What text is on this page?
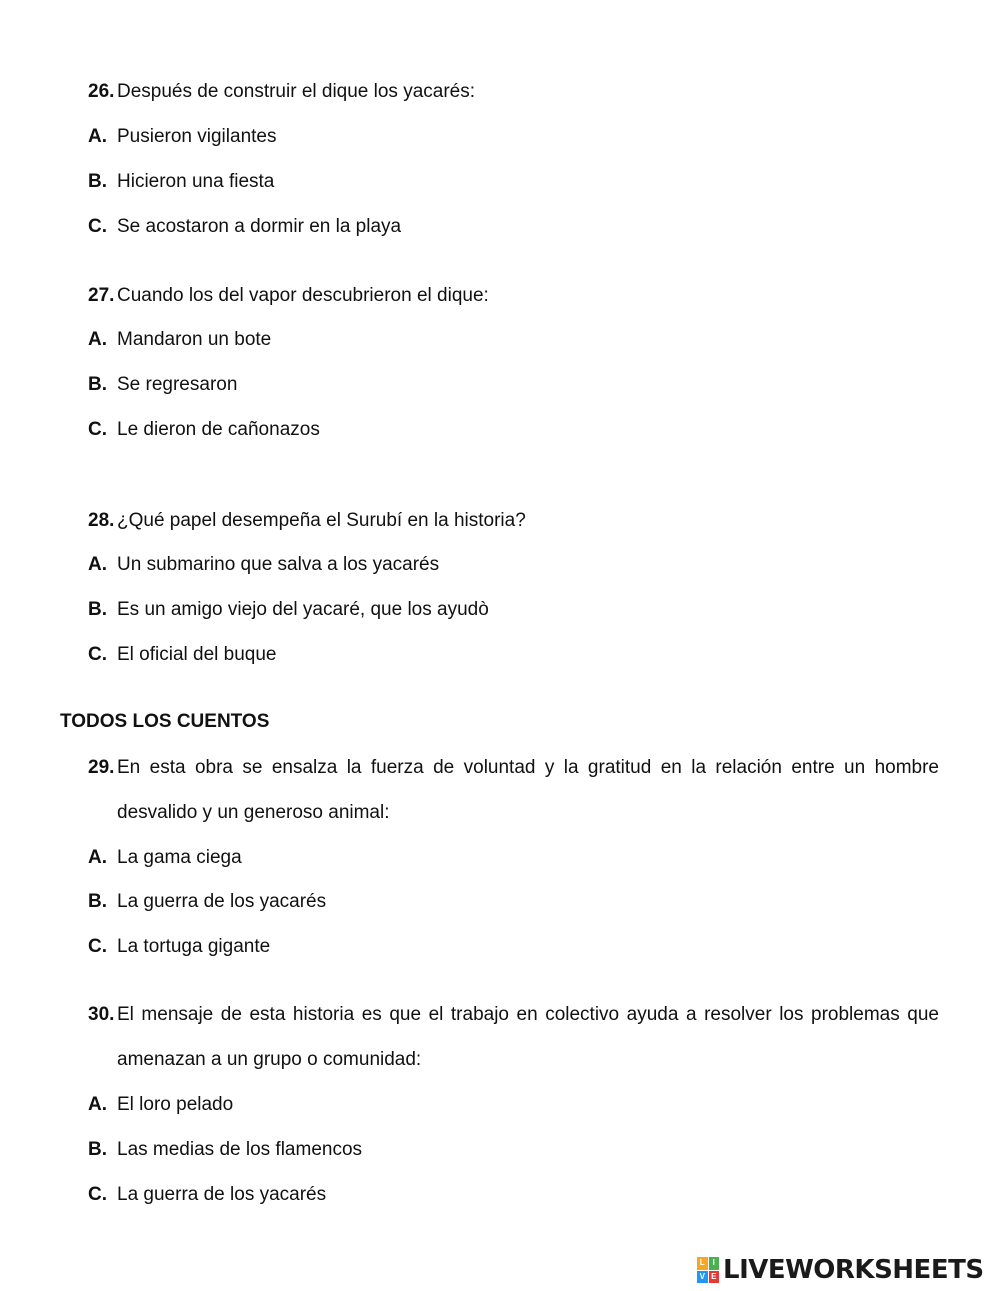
26. Después de construir el dique los yacarés:
A. Pusieron vigilantes
B. Hicieron una fiesta
C. Se acostaron a dormir en la playa
27. Cuando los del vapor descubrieron el dique:
A. Mandaron un bote
B. Se regresaron
C. Le dieron de cañonazos
28. ¿Qué papel desempeña el Surubí en la historia?
A. Un submarino que salva a los yacarés
B. Es un amigo viejo del yacaré, que los ayudò
C. El oficial del buque
TODOS LOS CUENTOS
29. En esta obra se ensalza la fuerza de voluntad y la gratitud en la relación entre un hombre
desvalido y un generoso animal:
A. La gama ciega
B. La guerra de los yacarés
C. La tortuga gigante
30. El mensaje de esta historia es que el trabajo en colectivo ayuda a resolver los problemas que
amenazan a un grupo o comunidad:
A. El loro pelado
B. Las medias de los flamencos
C. La guerra de los yacarés
L I
V E LIVEWORKSHEETS
